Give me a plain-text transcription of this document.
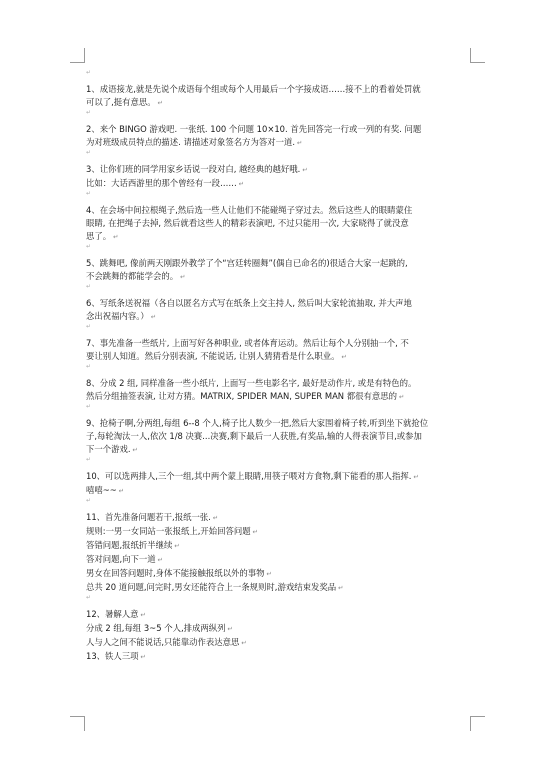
↵
1、成语接龙,就是先说个成语每个组或每个人用最后一个字接成语……接不上的看着处罚就
可以了,挺有意思。 ↵
↵
2、来个 BINGO 游戏吧. 一张纸. 100 个问题 10×10. 首先回答完一行或一列的有奖. 问题
为对班级成员特点的描述. 请描述对象签名方为答对一道. ↵
↵
3、让你们班的同学用家乡话说一段对白, 越经典的越好哦. ↵
比如：大话西游里的那个曾经有一段…… ↵
↵
4、在会场中间拉根绳子,然后选一些人让他们不能碰绳子穿过去。然后这些人的眼睛蒙住
眼睛, 在把绳子去掉, 然后就看这些人的精彩表演吧, 不过只能用一次, 大家晓得了就没意
思了。 ↵
↵
5、跳舞吧, 像前两天刚跟外教学了个“宫廷转圈舞”(偶自已命名的)很适合大家一起跳的,
不会跳舞的都能学会的。 ↵
↵
6、写纸条送祝福（各自以匿名方式写在纸条上交主持人, 然后叫大家轮流抽取, 并大声地
念出祝福内容。） ↵
↵
7、事先准备一些纸片, 上面写好各种职业, 或者体育运动。然后让每个人分别抽一个, 不
要让别人知道。然后分别表演, 不能说话, 让别人猜猜看是什么职业。 ↵
↵
8、分成 2 组, 同样准备一些小纸片, 上面写一些电影名字, 最好是动作片, 或是有特色的。
然后分组抽签表演, 让对方猜。MATRIX, SPIDER MAN, SUPER MAN 都很有意思的 ↵
↵
9、抢椅子啊,分两组,每组 6--8 个人,椅子比人数少一把,然后大家围着椅子转,听到坐下就抢位
子,每轮淘汰一人,依次 1/8 决赛...决赛,剩下最后一人获胜,有奖品,输的人得表演节目,或参加
下一个游戏. ↵
↵
10、可以选两排人,三个一组,其中两个蒙上眼睛,用筷子喂对方食物,剩下能看的那人指挥. ↵
嘻嘻~~ ↵
↵
11、首先准备问题若干,报纸一张. ↵
规则:一男一女同站一张报纸上,开始回答问题 ↵
答错问题,报纸折半继续 ↵
答对问题,向下一道 ↵
男女在回答问题时,身体不能接触报纸以外的事物 ↵
总共 20 道问题,问完时,男女还能符合上一条规则时,游戏结束发奖品 ↵
↵
12、暑解人意 ↵
分成 2 组,每组 3~5 个人,排成两纵列 ↵
人与人之间不能说话,只能靠动作表达意思 ↵
13、铁人三项 ↵
